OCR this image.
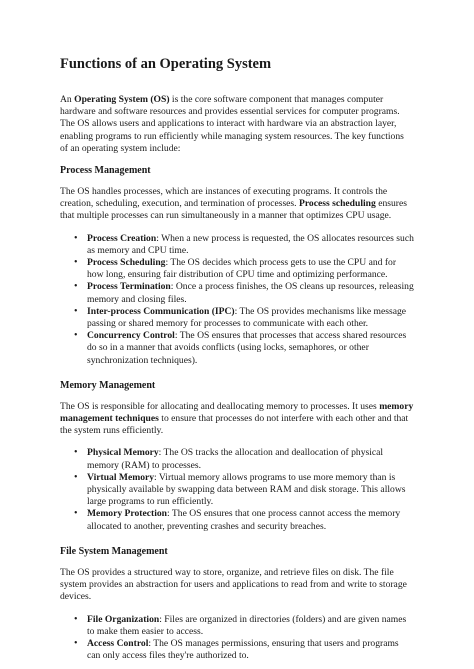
Functions of an Operating System

An Operating System (OS) is the core software component that manages computer hardware and software resources and provides essential services for computer programs. The OS allows users and applications to interact with hardware via an abstraction layer, enabling programs to run efficiently while managing system resources. The key functions of an operating system include:

Process Management

The OS handles processes, which are instances of executing programs. It controls the creation, scheduling, execution, and termination of processes. Process scheduling ensures that multiple processes can run simultaneously in a manner that optimizes CPU usage.

• Process Creation: When a new process is requested, the OS allocates resources such as memory and CPU time.
• Process Scheduling: The OS decides which process gets to use the CPU and for how long, ensuring fair distribution of CPU time and optimizing performance.
• Process Termination: Once a process finishes, the OS cleans up resources, releasing memory and closing files.
• Inter-process Communication (IPC): The OS provides mechanisms like message passing or shared memory for processes to communicate with each other.
• Concurrency Control: The OS ensures that processes that access shared resources do so in a manner that avoids conflicts (using locks, semaphores, or other synchronization techniques).
Memory Management

The OS is responsible for allocating and deallocating memory to processes. It uses memory management techniques to ensure that processes do not interfere with each other and that the system runs efficiently.

• Physical Memory: The OS tracks the allocation and deallocation of physical memory (RAM) to processes.
• Virtual Memory: Virtual memory allows programs to use more memory than is physically available by swapping data between RAM and disk storage. This allows large programs to run efficiently.
• Memory Protection: The OS ensures that one process cannot access the memory allocated to another, preventing crashes and security breaches.
File System Management

The OS provides a structured way to store, organize, and retrieve files on disk. The file system provides an abstraction for users and applications to read from and write to storage devices.

• File Organization: Files are organized in directories (folders) and are given names to make them easier to access.
• Access Control: The OS manages permissions, ensuring that users and programs can only access files they're authorized to.
